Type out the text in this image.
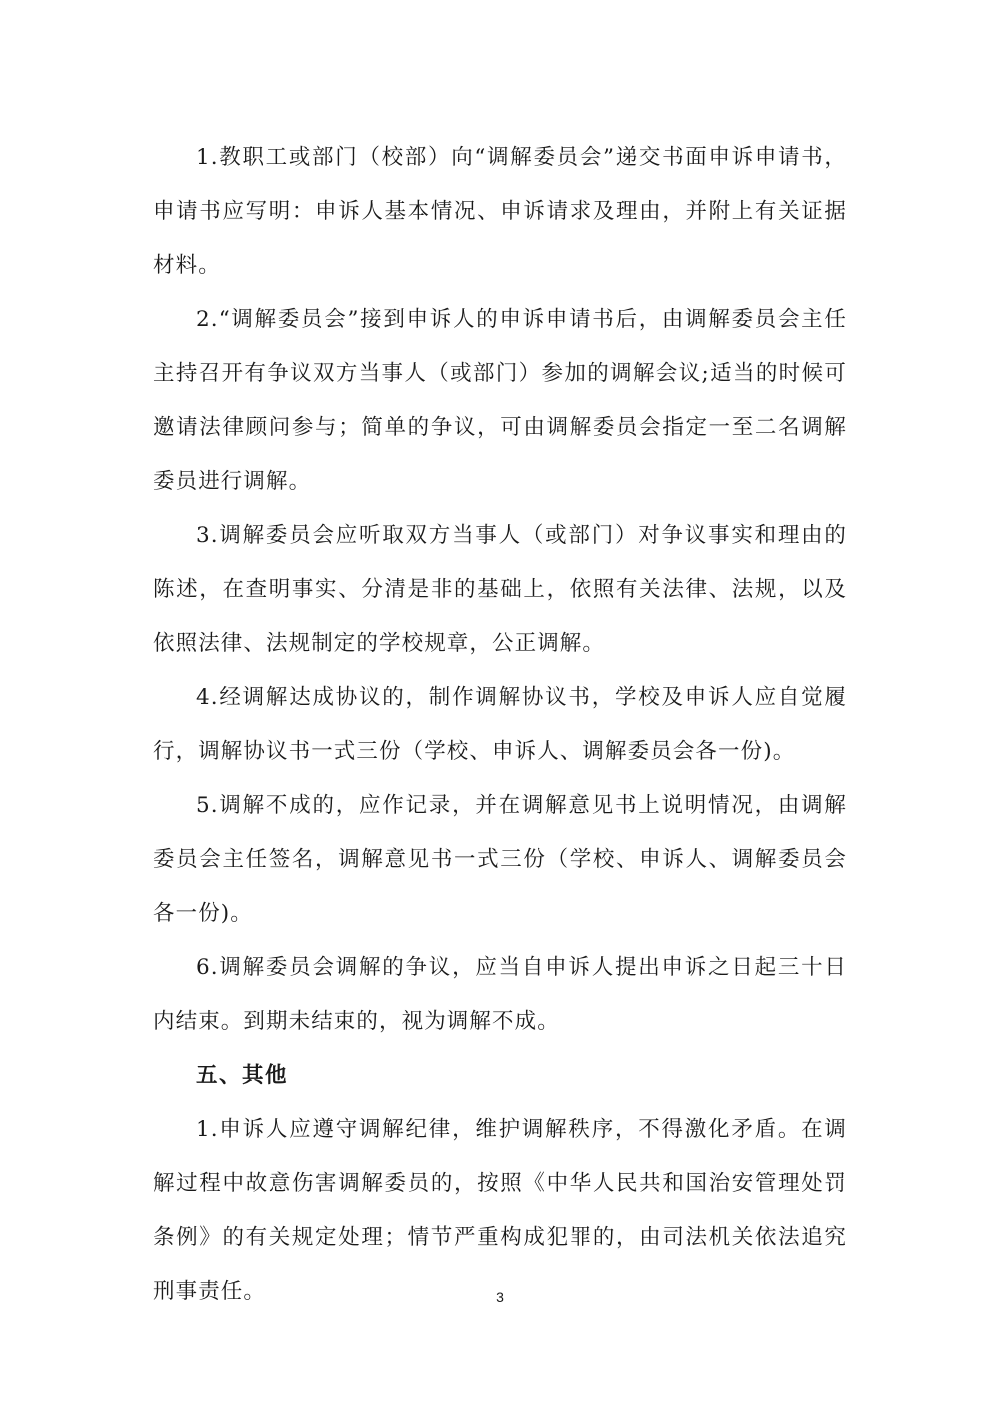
1.教职工或部门（校部）向“调解委员会”递交书面申诉申请书，申请书应写明：申诉人基本情况、申诉请求及理由，并附上有关证据材料。

2.“调解委员会”接到申诉人的申诉申请书后，由调解委员会主任主持召开有争议双方当事人（或部门）参加的调解会议;适当的时候可邀请法律顾问参与；简单的争议，可由调解委员会指定一至二名调解委员进行调解。

3.调解委员会应听取双方当事人（或部门）对争议事实和理由的陈述，在查明事实、分清是非的基础上，依照有关法律、法规，以及依照法律、法规制定的学校规章，公正调解。

4.经调解达成协议的，制作调解协议书，学校及申诉人应自觉履行，调解协议书一式三份（学校、申诉人、调解委员会各一份)。

5.调解不成的，应作记录，并在调解意见书上说明情况，由调解委员会主任签名，调解意见书一式三份（学校、申诉人、调解委员会各一份)。

6.调解委员会调解的争议，应当自申诉人提出申诉之日起三十日内结束。到期未结束的，视为调解不成。

五、其他

1.申诉人应遵守调解纪律，维护调解秩序，不得激化矛盾。在调解过程中故意伤害调解委员的，按照《中华人民共和国治安管理处罚条例》的有关规定处理；情节严重构成犯罪的，由司法机关依法追究刑事责任。	3
